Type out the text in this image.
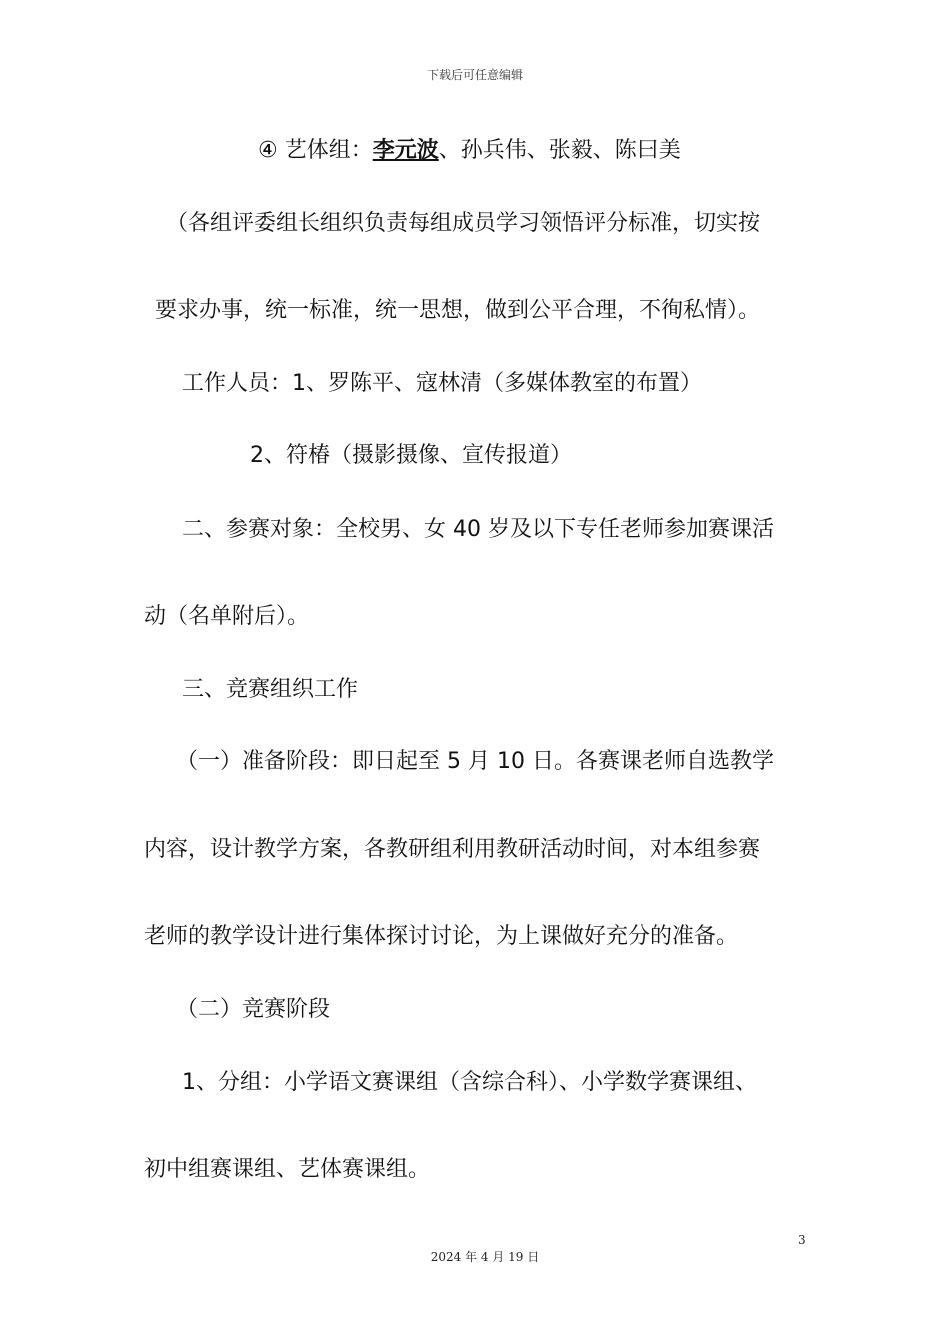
下载后可任意编辑

④ 艺体组：李元波、孙兵伟、张毅、陈曰美

（各组评委组长组织负责每组成员学习领悟评分标准，切实按

要求办事，统一标准，统一思想，做到公平合理，不徇私情）。

工作人员：1、罗陈平、寇林清（多媒体教室的布置）

2、符椿（摄影摄像、宣传报道）

二、参赛对象：全校男、女 40 岁及以下专任老师参加赛课活

动（名单附后）。

三、竞赛组织工作

（一）准备阶段：即日起至 5 月 10 日。各赛课老师自选教学

内容，设计教学方案，各教研组利用教研活动时间，对本组参赛

老师的教学设计进行集体探讨讨论，为上课做好充分的准备。

（二）竞赛阶段

1、分组：小学语文赛课组（含综合科）、小学数学赛课组、

初中组赛课组、艺体赛课组。

3
2024 年 4 月 19 日
